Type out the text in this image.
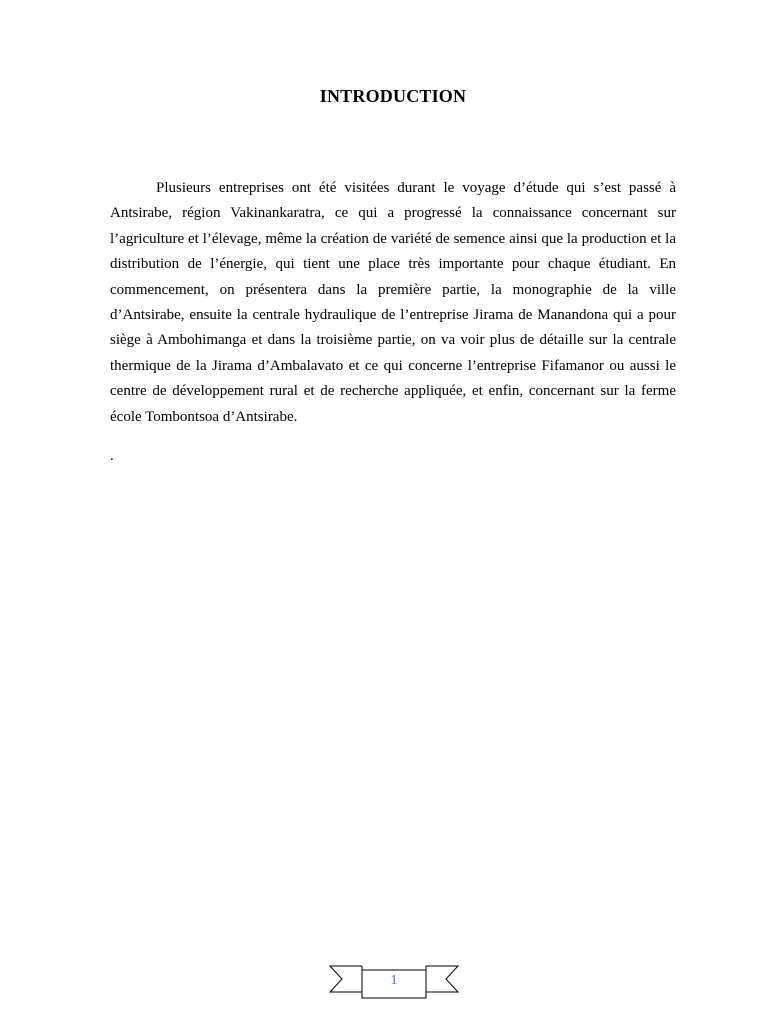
INTRODUCTION

Plusieurs entreprises ont été visitées durant le voyage d’étude qui s’est passé à Antsirabe, région Vakinankaratra, ce qui a progressé la connaissance concernant sur l’agriculture et l’élevage, même la création de variété de semence ainsi que la production et la distribution de l’énergie, qui tient une place très importante pour chaque étudiant. En commencement, on présentera dans la première partie, la monographie de la ville d’Antsirabe, ensuite la centrale hydraulique de l’entreprise Jirama de Manandona qui a pour siège à Ambohimanga et dans la troisième partie, on va voir plus de détaille sur la centrale thermique de la Jirama d’Ambalavato et ce qui concerne l’entreprise Fifamanor ou aussi le centre de développement rural et de recherche appliquée, et enfin, concernant sur la ferme école Tombontsoa d’Antsirabe.

.

1
